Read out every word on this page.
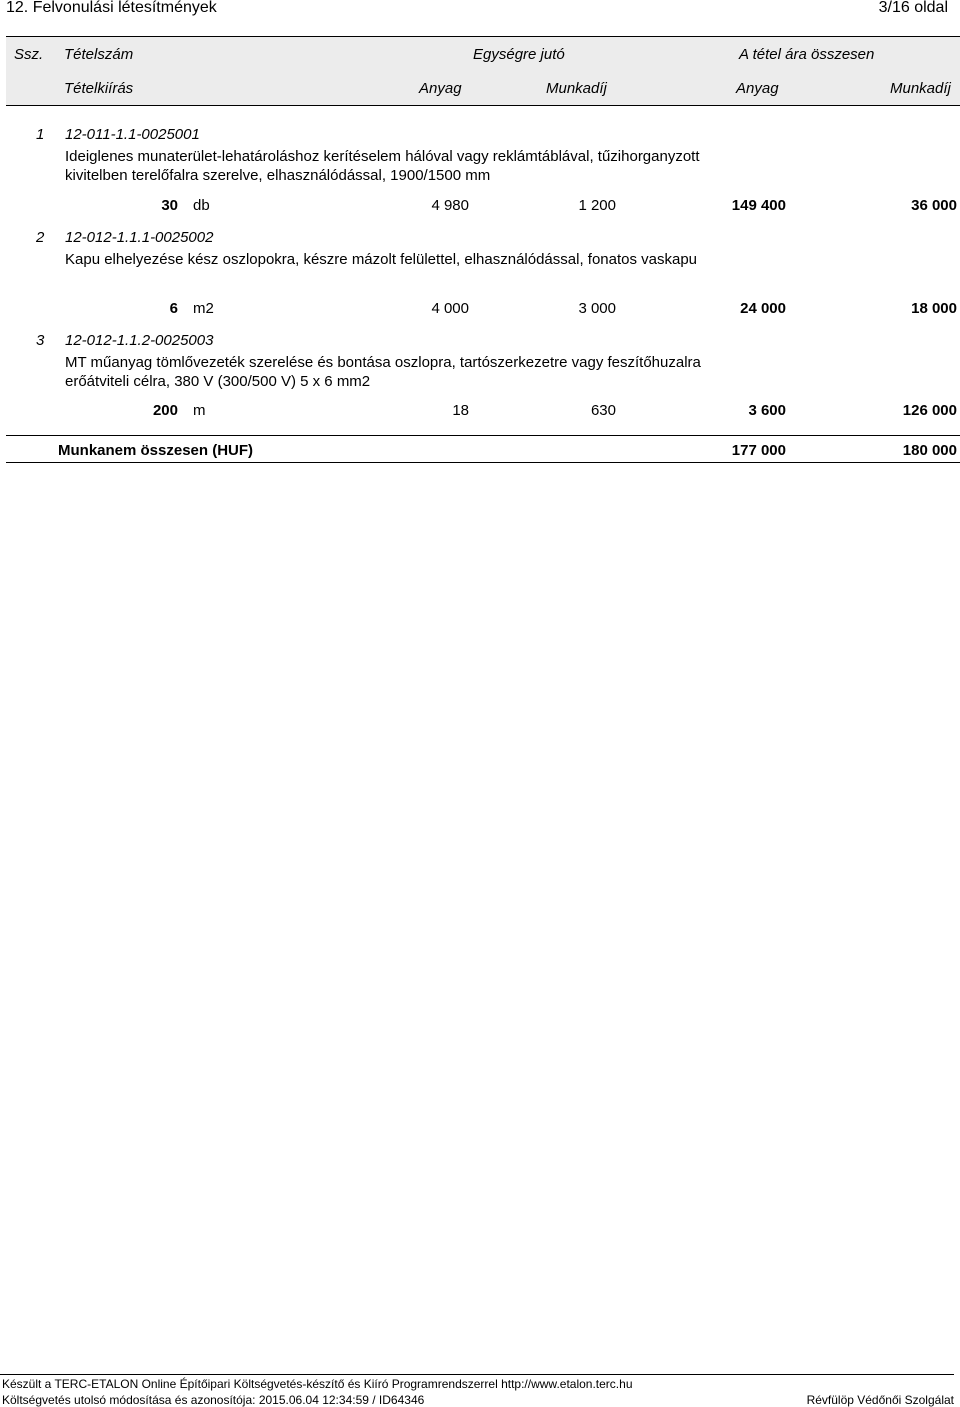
12. Felvonulási létesítmények	3/16 oldal
Ssz. Tételszám	Egységre jutó	A tétel ára összesen
Tételkiírás	Anyag	Munkadíj	Anyag	Munkadíj
1 12-011-1.1-0025001
Ideiglenes munaterület-lehatároláshoz kerítéselem hálóval vagy reklámtáblával, tűzihorganyzott kivitelben terelőfalra szerelve, elhasználódással, 1900/1500 mm
30 db	4 980	1 200	149 400	36 000
2 12-012-1.1.1-0025002
Kapu elhelyezése kész oszlopokra, készre mázolt felülettel, elhasználódással, fonatos vaskapu
6 m2	4 000	3 000	24 000	18 000
3 12-012-1.1.2-0025003
MT műanyag tömlővezeték szerelése és bontása oszlopra, tartószerkezetre vagy feszítőhuzalra erőátviteli célra, 380 V (300/500 V) 5 x 6 mm2
200 m	18	630	3 600	126 000
Munkanem összesen (HUF)	177 000	180 000
Készült a TERC-ETALON Online Építőipari Költségvetés-készítő és Kiíró Programrendszerrel http://www.etalon.terc.hu
Költségvetés utolsó módosítása és azonosítója: 2015.06.04 12:34:59 / ID64346	Révfülöp Védőnői Szolgálat
